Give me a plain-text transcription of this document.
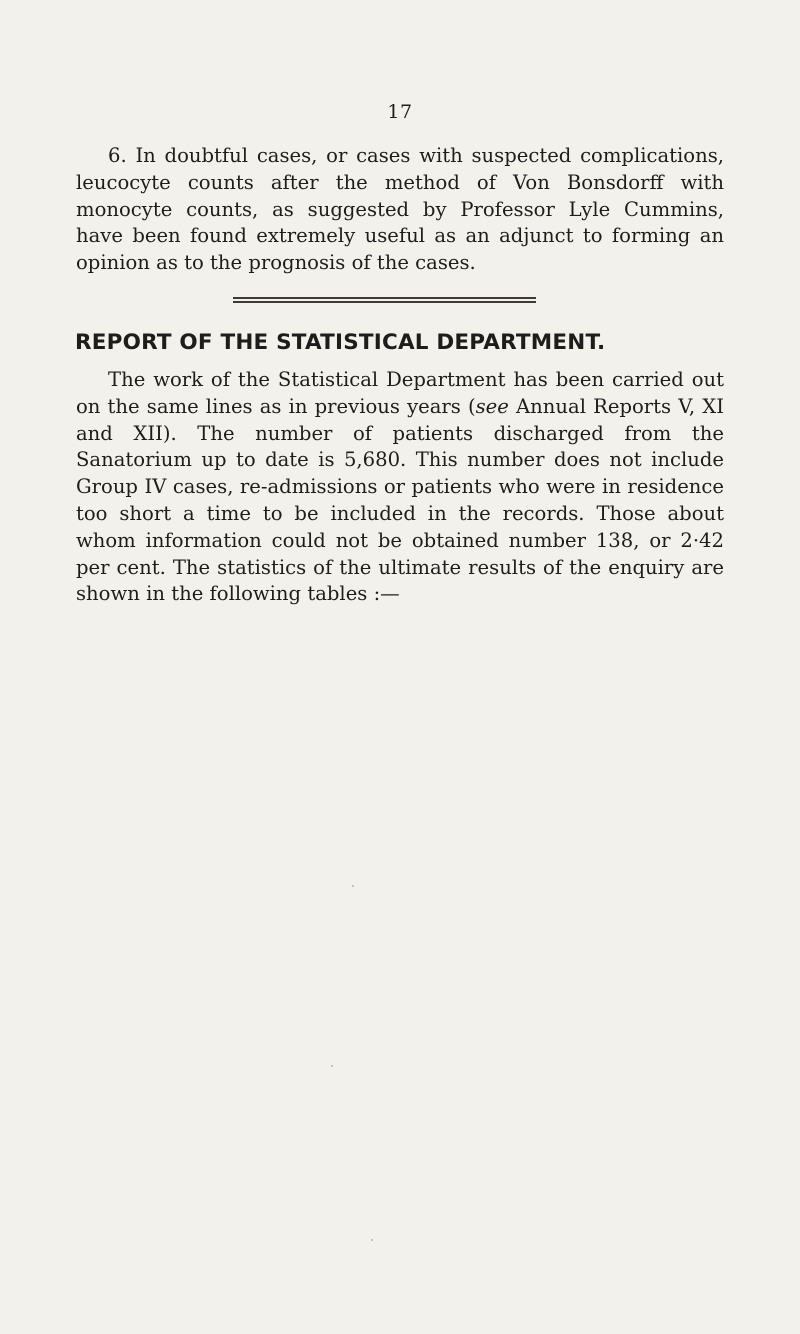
17

6. In doubtful cases, or cases with suspected complications, leucocyte counts after the method of Von Bonsdorff with monocyte counts, as suggested by Professor Lyle Cummins, have been found extremely useful as an adjunct to forming an opinion as to the prognosis of the cases.

REPORT OF THE STATISTICAL DEPARTMENT.

The work of the Statistical Department has been carried out on the same lines as in previous years (see Annual Reports V, XI and XII). The number of patients discharged from the Sanatorium up to date is 5,680. This number does not include Group IV cases, re-admissions or patients who were in residence too short a time to be included in the records. Those about whom information could not be obtained number 138, or 2·42 per cent. The statistics of the ultimate results of the enquiry are shown in the following tables :—
